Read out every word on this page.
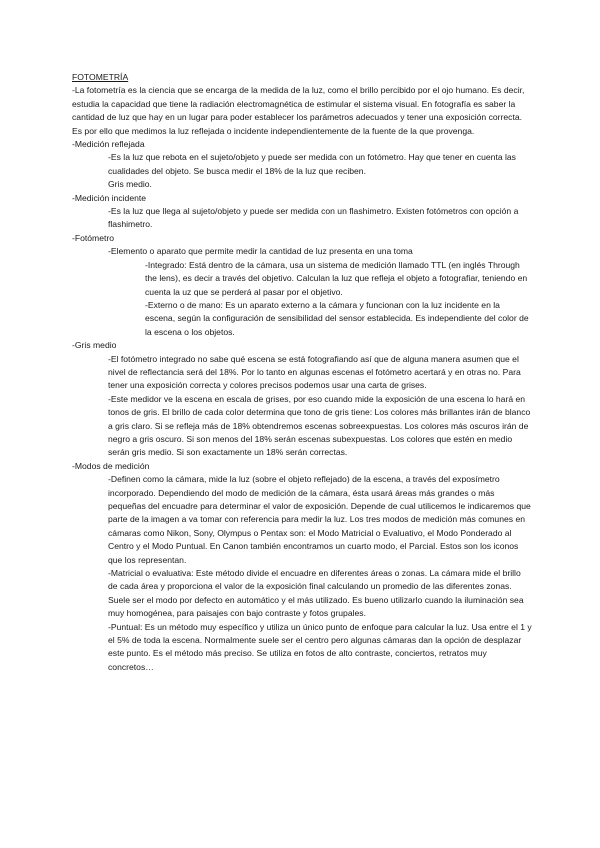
FOTOMETRÍA

-La fotometría es la ciencia que se encarga de la medida de la luz, como el brillo percibido por el ojo humano. Es decir, estudia la capacidad que tiene la radiación electromagnética de estimular el sistema visual. En fotografía es saber la cantidad de luz que hay en un lugar para poder establecer los parámetros adecuados y tener una exposición correcta. Es por ello que medimos la luz reflejada o incidente independientemente de la fuente de la que provenga.

-Medición reflejada

-Es la luz que rebota en el sujeto/objeto y puede ser medida con un fotómetro. Hay que tener en cuenta las cualidades del objeto. Se busca medir el 18% de la luz que reciben.

Gris medio.

-Medición incidente

-Es la luz que llega al sujeto/objeto y puede ser medida con un flashimetro. Existen fotómetros con opción a flashimetro.

-Fotómetro

-Elemento o aparato que permite medir la cantidad de luz presenta en una toma

-Integrado: Está dentro de la cámara, usa un sistema de medición llamado TTL (en inglés Through the lens), es decir a través del objetivo. Calculan la luz que refleja el objeto a fotografiar, teniendo en cuenta la uz que se perderá al pasar por el objetivo.

-Externo o de mano: Es un aparato externo a la cámara y funcionan con la luz incidente en la escena, según la configuración de sensibilidad del sensor establecida. Es independiente del color de la escena o los objetos.

-Gris medio

-El fotómetro integrado no sabe qué escena se está fotografiando así que de alguna manera asumen que el nivel de reflectancia será del 18%. Por lo tanto en algunas escenas el fotómetro acertará y en otras no. Para tener una exposición correcta y colores precisos podemos usar una carta de grises.

-Este medidor ve la escena en escala de grises, por eso cuando mide la exposición de una escena lo hará en tonos de gris. El brillo de cada color determina que tono de gris tiene: Los colores más brillantes irán de blanco a gris claro. Si se refleja más de 18% obtendremos escenas sobreexpuestas. Los colores más oscuros irán de negro a gris oscuro. Si son menos del 18% serán escenas subexpuestas. Los colores que estén en medio serán gris medio. Si son exactamente un 18% serán correctas.

-Modos de medición

-Definen como la cámara, mide la luz (sobre el objeto reflejado) de la escena, a través del exposímetro incorporado. Dependiendo del modo de medición de la cámara, ésta usará áreas más grandes o más pequeñas del encuadre para determinar el valor de exposición. Depende de cual utilicemos le indicaremos que parte de la imagen a va tomar con referencia para medir la luz. Los tres modos de medición más comunes en cámaras como Nikon, Sony, Olympus o Pentax son: el Modo Matricial o Evaluativo, el Modo Ponderado al Centro y el Modo Puntual. En Canon también encontramos un cuarto modo, el Parcial. Estos son los iconos que los representan.

-Matricial o evaluativa: Este método divide el encuadre en diferentes áreas o zonas. La cámara mide el brillo de cada área y proporciona el valor de la exposición final calculando un promedio de las diferentes zonas. Suele ser el modo por defecto en automático y el más utilizado. Es bueno utilizarlo cuando la iluminación sea muy homogénea, para paisajes con bajo contraste y fotos grupales.

-Puntual: Es un método muy específico y utiliza un único punto de enfoque para calcular la luz. Usa entre el 1 y el 5% de toda la escena. Normalmente suele ser el centro pero algunas cámaras dan la opción de desplazar este punto. Es el método más preciso. Se utiliza en fotos de alto contraste, conciertos, retratos muy concretos…
